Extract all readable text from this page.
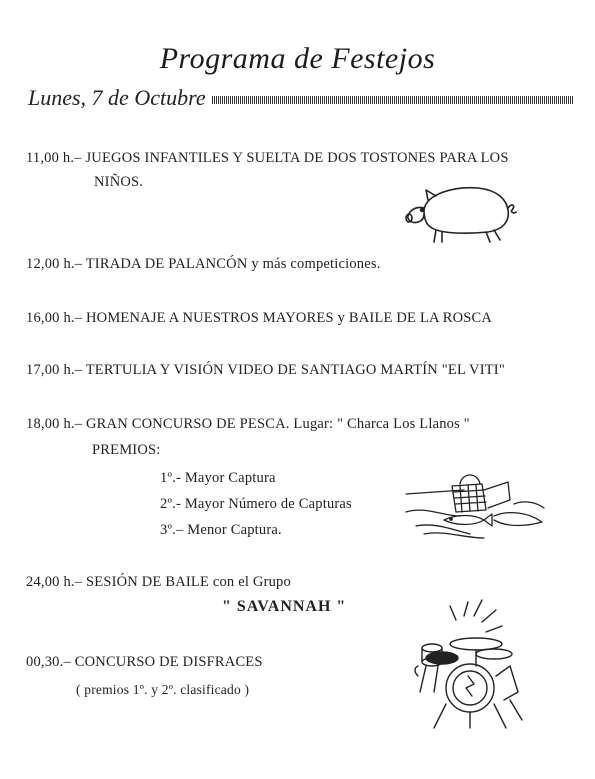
Programa de Festejos
Lunes, 7 de Octubre
11,00 h.– JUEGOS INFANTILES Y SUELTA DE DOS TOSTONES PARA LOS
NIÑOS.
12,00 h.– TIRADA DE PALANCÓN y más competiciones.
16,00 h.– HOMENAJE A NUESTROS MAYORES y BAILE DE LA ROSCA
17,00 h.– TERTULIA Y VISIÓN VIDEO DE SANTIAGO MARTÍN "EL VITI"
18,00 h.– GRAN CONCURSO DE PESCA. Lugar: " Charca Los Llanos "
PREMIOS:
1º.- Mayor Captura
2º.- Mayor Número de Capturas
3º.– Menor Captura.
24,00 h.– SESIÓN DE BAILE con el Grupo
" SAVANNAH "
00,30.– CONCURSO DE DISFRACES
( premios 1º. y 2º. clasificado )
